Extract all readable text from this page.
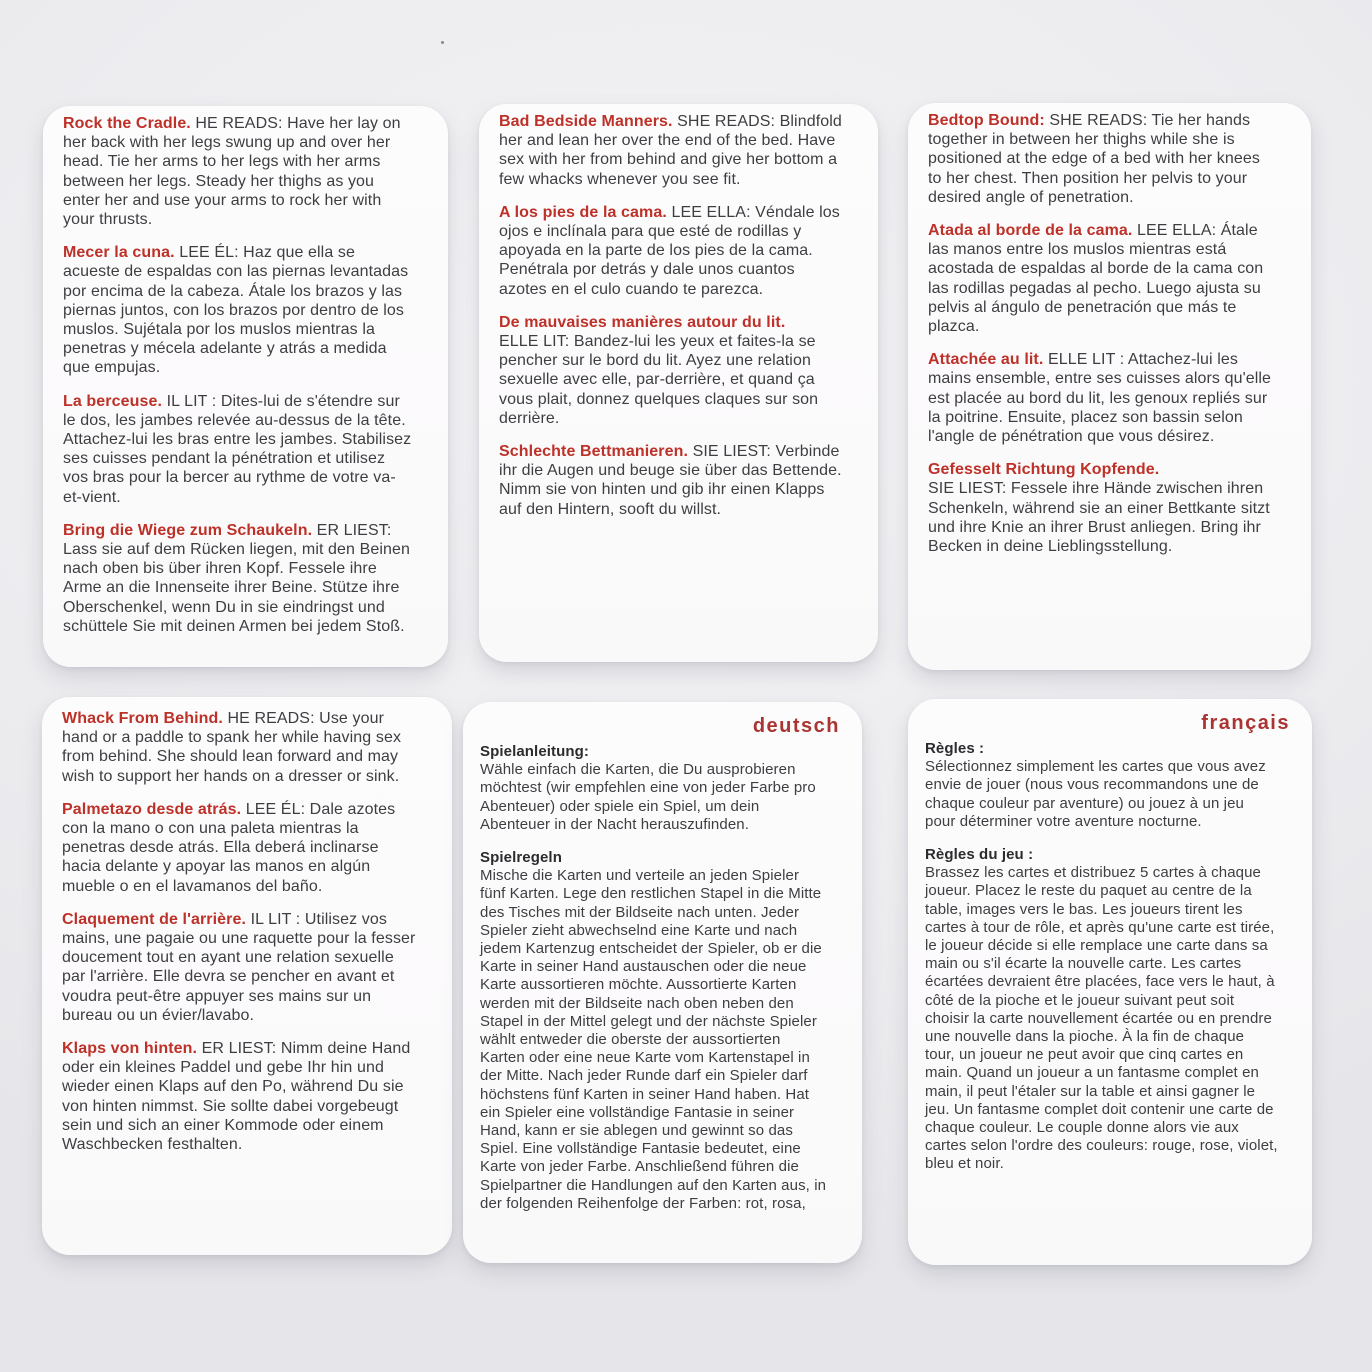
Rock the Cradle. HE READS: Have her lay on her back with her legs swung up and over her head. Tie her arms to her legs with her arms between her legs. Steady her thighs as you enter her and use your arms to rock her with your thrusts.

Mecer la cuna. LEE ÉL: Haz que ella se acueste de espaldas con las piernas levantadas por encima de la cabeza. Átale los brazos y las piernas juntos, con los brazos por dentro de los muslos. Sujétala por los muslos mientras la penetras y mécela adelante y atrás a medida que empujas.

La berceuse. IL LIT : Dites-lui de s'étendre sur le dos, les jambes relevée au-dessus de la tête. Attachez-lui les bras entre les jambes. Stabilisez ses cuisses pendant la pénétration et utilisez vos bras pour la bercer au rythme de votre va-et-vient.

Bring die Wiege zum Schaukeln. ER LIEST: Lass sie auf dem Rücken liegen, mit den Beinen nach oben bis über ihren Kopf. Fessele ihre Arme an die Innenseite ihrer Beine. Stütze ihre Oberschenkel, wenn Du in sie eindringst und schüttele Sie mit deinen Armen bei jedem Stoß.

Bad Bedside Manners. SHE READS: Blindfold her and lean her over the end of the bed. Have sex with her from behind and give her bottom a few whacks whenever you see fit.

A los pies de la cama. LEE ELLA: Véndale los ojos e inclínala para que esté de rodillas y apoyada en la parte de los pies de la cama. Penétrala por detrás y dale unos cuantos azotes en el culo cuando te parezca.

De mauvaises manières autour du lit.
ELLE LIT: Bandez-lui les yeux et faites-la se pencher sur le bord du lit. Ayez une relation sexuelle avec elle, par-derrière, et quand ça vous plait, donnez quelques claques sur son derrière.

Schlechte Bettmanieren. SIE LIEST: Verbinde ihr die Augen und beuge sie über das Bettende. Nimm sie von hinten und gib ihr einen Klapps auf den Hintern, sooft du willst.

Bedtop Bound: SHE READS: Tie her hands together in between her thighs while she is positioned at the edge of a bed with her knees to her chest. Then position her pelvis to your desired angle of penetration.

Atada al borde de la cama. LEE ELLA: Átale las manos entre los muslos mientras está acostada de espaldas al borde de la cama con las rodillas pegadas al pecho. Luego ajusta su pelvis al ángulo de penetración que más te plazca.

Attachée au lit. ELLE LIT : Attachez-lui les mains ensemble, entre ses cuisses alors qu'elle est placée au bord du lit, les genoux repliés sur la poitrine. Ensuite, placez son bassin selon l'angle de pénétration que vous désirez.

Gefesselt Richtung Kopfende.
SIE LIEST: Fessele ihre Hände zwischen ihren Schenkeln, während sie an einer Bettkante sitzt und ihre Knie an ihrer Brust anliegen. Bring ihr Becken in deine Lieblingsstellung.

Whack From Behind. HE READS: Use your hand or a paddle to spank her while having sex from behind. She should lean forward and may wish to support her hands on a dresser or sink.

Palmetazo desde atrás. LEE ÉL: Dale azotes con la mano o con una paleta mientras la penetras desde atrás. Ella deberá inclinarse hacia delante y apoyar las manos en algún mueble o en el lavamanos del baño.

Claquement de l'arrière. IL LIT : Utilisez vos mains, une pagaie ou une raquette pour la fesser doucement tout en ayant une relation sexuelle par l'arrière. Elle devra se pencher en avant et voudra peut-être appuyer ses mains sur un bureau ou un évier/lavabo.

Klaps von hinten. ER LIEST: Nimm deine Hand oder ein kleines Paddel und gebe Ihr hin und wieder einen Klaps auf den Po, während Du sie von hinten nimmst. Sie sollte dabei vorgebeugt sein und sich an einer Kommode oder einem Waschbecken festhalten.

deutsch
Spielanleitung:
Wähle einfach die Karten, die Du ausprobieren möchtest (wir empfehlen eine von jeder Farbe pro Abenteuer) oder spiele ein Spiel, um dein Abenteuer in der Nacht herauszufinden.
Spielregeln
Mische die Karten und verteile an jeden Spieler fünf Karten. Lege den restlichen Stapel in die Mitte des Tisches mit der Bildseite nach unten. Jeder Spieler zieht abwechselnd eine Karte und nach jedem Kartenzug entscheidet der Spieler, ob er die Karte in seiner Hand austauschen oder die neue Karte aussortieren möchte. Aussortierte Karten werden mit der Bildseite nach oben neben den Stapel in der Mittel gelegt und der nächste Spieler wählt entweder die oberste der aussortierten Karten oder eine neue Karte vom Kartenstapel in der Mitte. Nach jeder Runde darf ein Spieler darf höchstens fünf Karten in seiner Hand haben. Hat ein Spieler eine vollständige Fantasie in seiner Hand, kann er sie ablegen und gewinnt so das Spiel. Eine vollständige Fantasie bedeutet, eine Karte von jeder Farbe. Anschließend führen die Spielpartner die Handlungen auf den Karten aus, in der folgenden Reihenfolge der Farben: rot, rosa,
français
Règles :
Sélectionnez simplement les cartes que vous avez envie de jouer (nous vous recommandons une de chaque couleur par aventure) ou jouez à un jeu pour déterminer votre aventure nocturne.
Règles du jeu :
Brassez les cartes et distribuez 5 cartes à chaque joueur. Placez le reste du paquet au centre de la table, images vers le bas. Les joueurs tirent les cartes à tour de rôle, et après qu'une carte est tirée, le joueur décide si elle remplace une carte dans sa main ou s'il écarte la nouvelle carte. Les cartes écartées devraient être placées, face vers le haut, à côté de la pioche et le joueur suivant peut soit choisir la carte nouvellement écartée ou en prendre une nouvelle dans la pioche. À la fin de chaque tour, un joueur ne peut avoir que cinq cartes en main. Quand un joueur a un fantasme complet en main, il peut l'étaler sur la table et ainsi gagner le jeu. Un fantasme complet doit contenir une carte de chaque couleur. Le couple donne alors vie aux cartes selon l'ordre des couleurs: rouge, rose, violet, bleu et noir.
